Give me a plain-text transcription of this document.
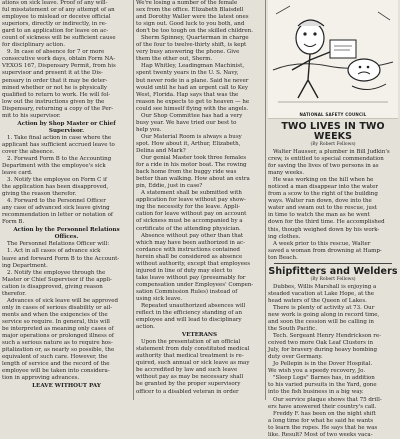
ations on sick leave. Proof of any will-
ful misstatement or of any attempt of an
employee to mislead or deceive official
superiors, directly or indirectly, in re-
gard to an application for leave on ac-
count of sickness will be sufficient cause
for disciplinary action.

9. In case of absence for 7 or more
consecutive work days, obtain Form NA-
VEXOS 167, Dispensary Permit, from his
supervisor and present it at the Dis-
pensary in order that it may be deter-
mined whether or not he is physically
qualified to return to work. He will fol-
low out the instructions given by the
Dispensary, returning a copy of the Per-
mit to his supervisor.

Action by Shop Master or Chief Supervisor.

1. Take final action in case where the
applicant has sufficient accrued leave to
cover the absence.

2. Forward Form B to the Accounting
Department with the employee's sick
leave card.

3. Notify the employee on Form C if
the application has been disapproved,
giving the reason therefor.

4. Forward to the Personnel Officer
any case of advanced sick leave giving
recommendation in letter or notation of
Form B.

Action by the Personnel Relations Offices.

The Personnel Relations Officer will:

1. Act in all cases of advance sick
leave and forward Form B to the Account-
ing Department.

2. Notify the employee through the
Master or Chief Supervisor if the appli-
cation is disapproved, giving reason
therefor.

Advances of sick leave will be approved
only in cases of serious disability or ail-
ments and when the exigencies of the
service so require. In general, this will
be interpreted as meaning only cases of
major operations or prolonged illness of
such a serious nature as to require hos-
pitalization or, as nearly so possible, the
equivalent of such care. However, the
length of service and the record of the
employee will be taken into considera-
tion in approving advances.

LEAVE WITHOUT PAY

We're losing a number of the female
sex from the office. Elizabeth Blaisdell
and Dorothy Waller were the latest ones
to sign out. Good luck to you both, and
don't be too tough on the skilled children.

Sherm Spinney, Quarterman in charge
of the four to twelve-thirty shift, is kept
very busy answering the phone. Give
them the other out, Sherm.

Hap Whitley, Leadingman Machinist,
spent twenty years in the U. S. Navy,
but never rode in a plane. Said he never
would until he had an urgent call to Key
West, Florida. Hap says that was the
reason he expects to get to heaven — he
could see himself flying with the angels.

Our Shop Committee has had a very
busy year. We have tried our best to
help you.

Our Material Room is always a busy
spot. How about it, Arthur, Elizabeth,
Delina and Mark?

Our genial Master took three females
for a ride in his motor boat. The rowing
back home from the buggy ride was
better than walking. How about an extra
pin, Eddie, just in case?

A statement shall be submitted with
application for leave without pay show-
ing the necessity for the leave. Appli-
cation for leave without pay on account
of sickness must be accompanied by a
certificate of the attending physician.

Absence without pay other than that
which may have been authorized in ac-
cordance with instructions contained
herein shall be considered as absence
without authority, except that employees
injured in line of duty may elect to
take leave without pay (presumably for
compensation under Employees' Compen-
sation Commission Rules) instead of
using sick leave.

Repeated unauthorized absences will
reflect in the efficiency standing of an
employee and will lead to disciplinary
action.

VETERANS

Upon the presentation of an official
statement from duly constituted medical
authority that medical treatment is re-
quired, such annual or sick leave as may
be accredited by law and such leave
without pay as may be necessary shall
be granted by the proper supervisory
officer to a disabled veteran in order

NATIONAL SAFETY COUNCIL
TWO LIVES IN TWO WEEKS
(By Robert Fellows)

Walter Hausser, a plumber in Bill Judkin's
crew, is entitled to special commendation
for saving the lives of two persons in as
many weeks.

He was working on the hill when he
noticed a man disappear into the water
from a scow to the right of the building
ways. Walter ran down, dove into the
water and swam out to the rescue, just
in time to watch the man as he went
down for the third time. He accomplished
this, though weighed down by his work-
ing clothes.

A week prior to this rescue, Walter
saved a woman from drowning at Hamp-
ton Beach.

Shipfitters and Welders
(By Robert Fellows)

Dubbes, Willis Marshall is enjoying a
steaded vacation at Lake Hope, at the
head waters of the Queen of Lakes.

There is plenty of activity at 73. Our
new work is going along in record time,
and soon the cession will be calling in
the South Pacific.

Tech. Sergeant Henry Hendrickson re-
ceived two more Oak Leaf Clusters in
July, for bravery during heavy bombing
duty over Germany.

Jo Pellepin is in the Dover Hospital.
We wish you a speedy recovery, Jo.

"Sleep Logs" Barnes has, in addition
to his varied pursuits in the Yard, gone
into the fish business in a big way.

Our service plaque shows that 75 drill-
ers have answered their country's call.

Freddy F. has been on the night shift
a long time for what he said he wants
to learn the ropes. He says that he was
like. Result? Most of two weeks vaca-
